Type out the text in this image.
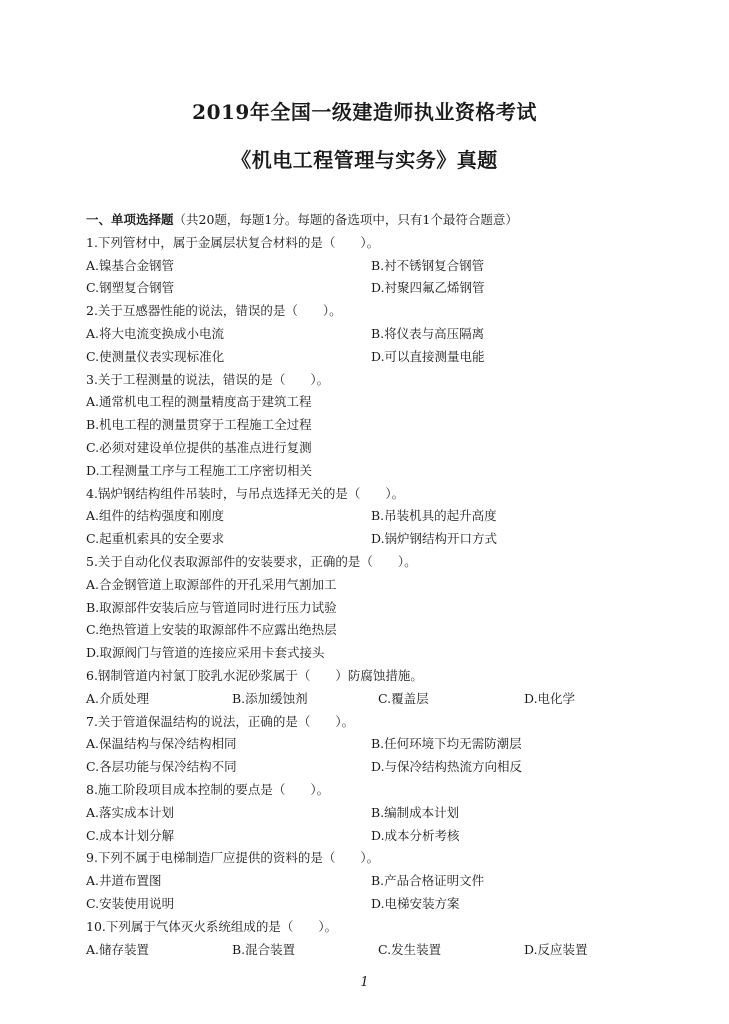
2019年全国一级建造师执业资格考试
《机电工程管理与实务》真题
一、单项选择题（共20题，每题1分。每题的备选项中，只有1个最符合题意）
1.下列管材中，属于金属层状复合材料的是（　　）。
A.镍基合金钢管	B.衬不锈钢复合钢管
C.钢塑复合钢管	D.衬聚四氟乙烯钢管
2.关于互感器性能的说法，错误的是（　　）。
A.将大电流变换成小电流	B.将仪表与高压隔离
C.使测量仪表实现标准化	D.可以直接测量电能
3.关于工程测量的说法，错误的是（　　）。
A.通常机电工程的测量精度高于建筑工程
B.机电工程的测量贯穿于工程施工全过程
C.必须对建设单位提供的基准点进行复测
D.工程测量工序与工程施工工序密切相关
4.锅炉钢结构组件吊装时，与吊点选择无关的是（　　）。
A.组件的结构强度和刚度	B.吊装机具的起升高度
C.起重机索具的安全要求	D.锅炉钢结构开口方式
5.关于自动化仪表取源部件的安装要求，正确的是（　　）。
A.合金钢管道上取源部件的开孔采用气割加工
B.取源部件安装后应与管道同时进行压力试验
C.绝热管道上安装的取源部件不应露出绝热层
D.取源阀门与管道的连接应采用卡套式接头
6.钢制管道内衬氯丁胶乳水泥砂浆属于（　　）防腐蚀措施。
A.介质处理	B.添加缓蚀剂	C.覆盖层	D.电化学
7.关于管道保温结构的说法，正确的是（　　）。
A.保温结构与保冷结构相同	B.任何环境下均无需防潮层
C.各层功能与保冷结构不同	D.与保冷结构热流方向相反
8.施工阶段项目成本控制的要点是（　　）。
A.落实成本计划	B.编制成本计划
C.成本计划分解	D.成本分析考核
9.下列不属于电梯制造厂应提供的资料的是（　　）。
A.井道布置图	B.产品合格证明文件
C.安装使用说明	D.电梯安装方案
10.下列属于气体灭火系统组成的是（　　）。
A.储存装置	B.混合装置	C.发生装置	D.反应装置
1
